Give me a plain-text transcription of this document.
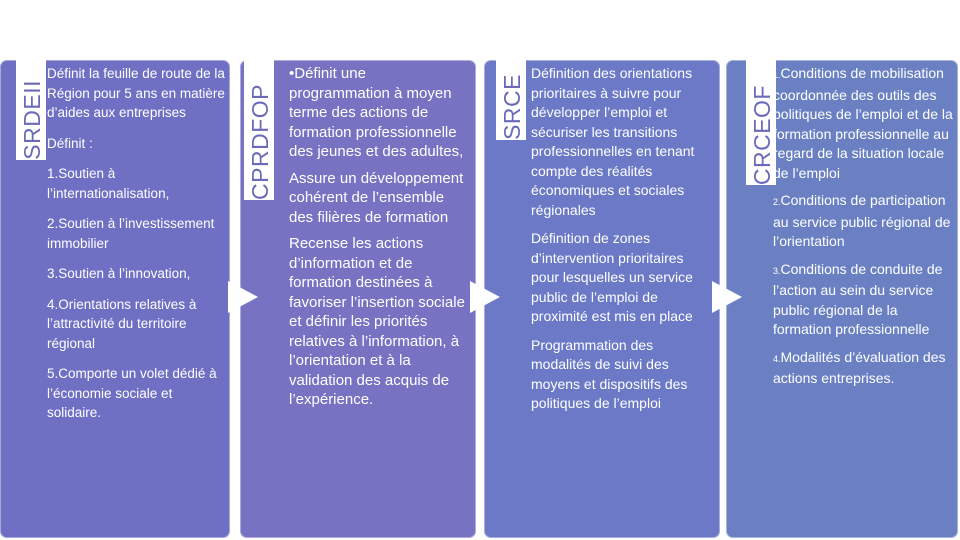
SRDEII	CPRDFOP	SRCE	CRCEOF

Définit la feuille de route de la Région pour 5 ans en matière d’aides aux entreprises

Définit :

1.Soutien à l’internationalisation,

2.Soutien à l’investissement immobilier

3.Soutien à l’innovation,

4.Orientations relatives à l’attractivité du territoire régional

5.Comporte un volet dédié à l’économie sociale et solidaire.

•Définit une programmation à moyen terme des actions de formation professionnelle des jeunes et des adultes,

Assure un développement cohérent de l’ensemble des filières de formation

Recense les actions d’information et de formation destinées à favoriser l’insertion sociale et définir les priorités relatives à l’information, à l’orientation et à la validation des acquis de l’expérience.

Définition des orientations prioritaires à suivre pour développer l’emploi et sécuriser les transitions professionnelles en tenant compte des réalités économiques et sociales régionales

Définition de zones d’intervention prioritaires pour lesquelles un service public de l’emploi de proximité est mis en place

Programmation des modalités de suivi des moyens et dispositifs des politiques de l’emploi

1.Conditions de mobilisation coordonnée des outils des politiques de l’emploi et de la formation professionnelle au regard de la situation locale de l’emploi

2.Conditions de participation au service public régional de l’orientation

3.Conditions de conduite de l’action au sein du service public régional de la formation professionnelle

4.Modalités d’évaluation des actions entreprises.
